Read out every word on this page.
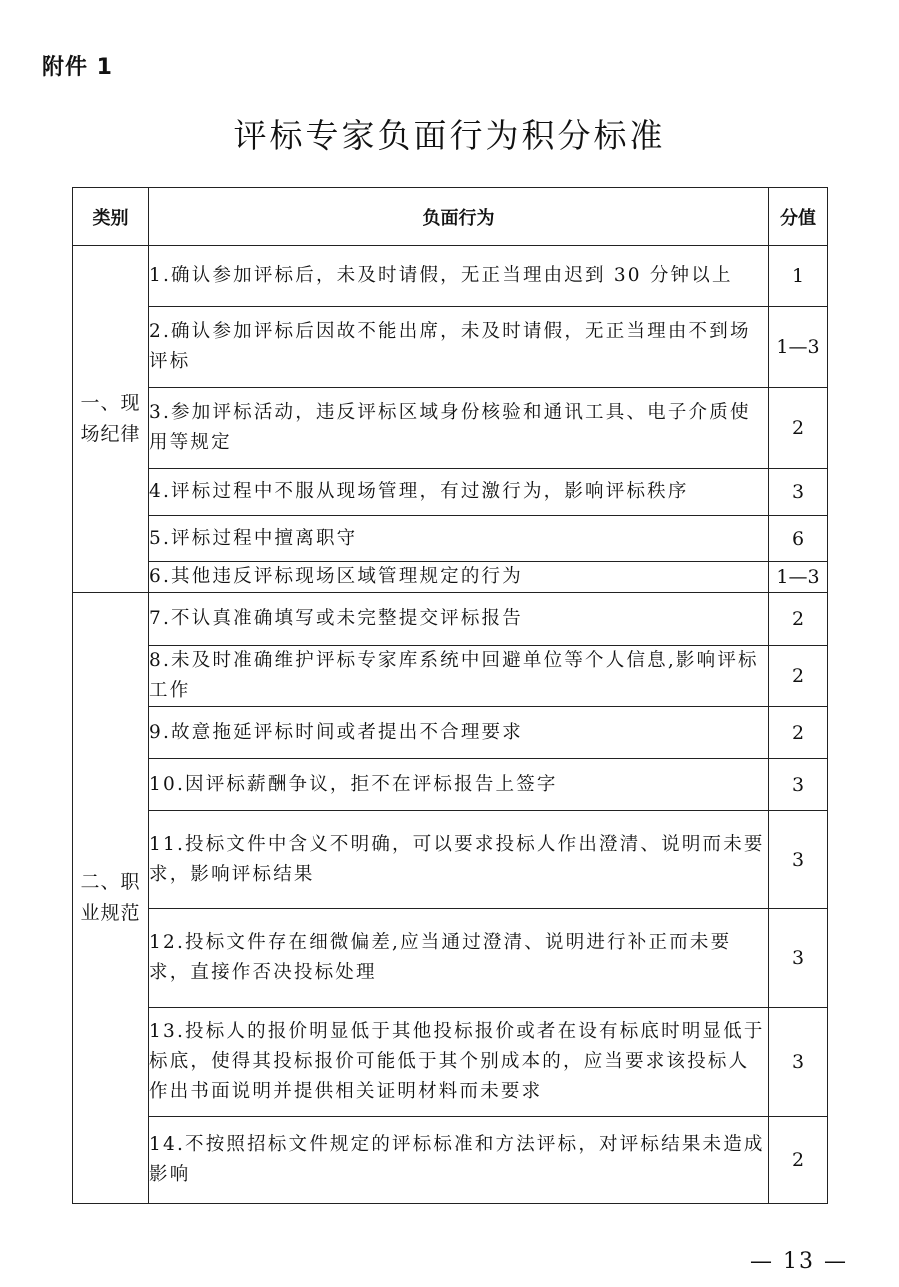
附件 1
评标专家负面行为积分标准
类别	负面行为	分值
一、现场纪律	1.确认参加评标后，未及时请假，无正当理由迟到 30 分钟以上	1
	2.确认参加评标后因故不能出席，未及时请假，无正当理由不到场评标	1—3
	3.参加评标活动，违反评标区域身份核验和通讯工具、电子介质使用等规定	2
	4.评标过程中不服从现场管理，有过激行为，影响评标秩序	3
	5.评标过程中擅离职守	6
	6.其他违反评标现场区域管理规定的行为	1—3
二、职业规范	7.不认真准确填写或未完整提交评标报告	2
	8.未及时准确维护评标专家库系统中回避单位等个人信息,影响评标工作	2
	9.故意拖延评标时间或者提出不合理要求	2
	10.因评标薪酬争议，拒不在评标报告上签字	3
	11.投标文件中含义不明确，可以要求投标人作出澄清、说明而未要求，影响评标结果	3
	12.投标文件存在细微偏差,应当通过澄清、说明进行补正而未要求，直接作否决投标处理	3
	13.投标人的报价明显低于其他投标报价或者在设有标底时明显低于标底，使得其投标报价可能低于其个别成本的，应当要求该投标人作出书面说明并提供相关证明材料而未要求	3
	14.不按照招标文件规定的评标标准和方法评标，对评标结果未造成影响	2
— 13 —
